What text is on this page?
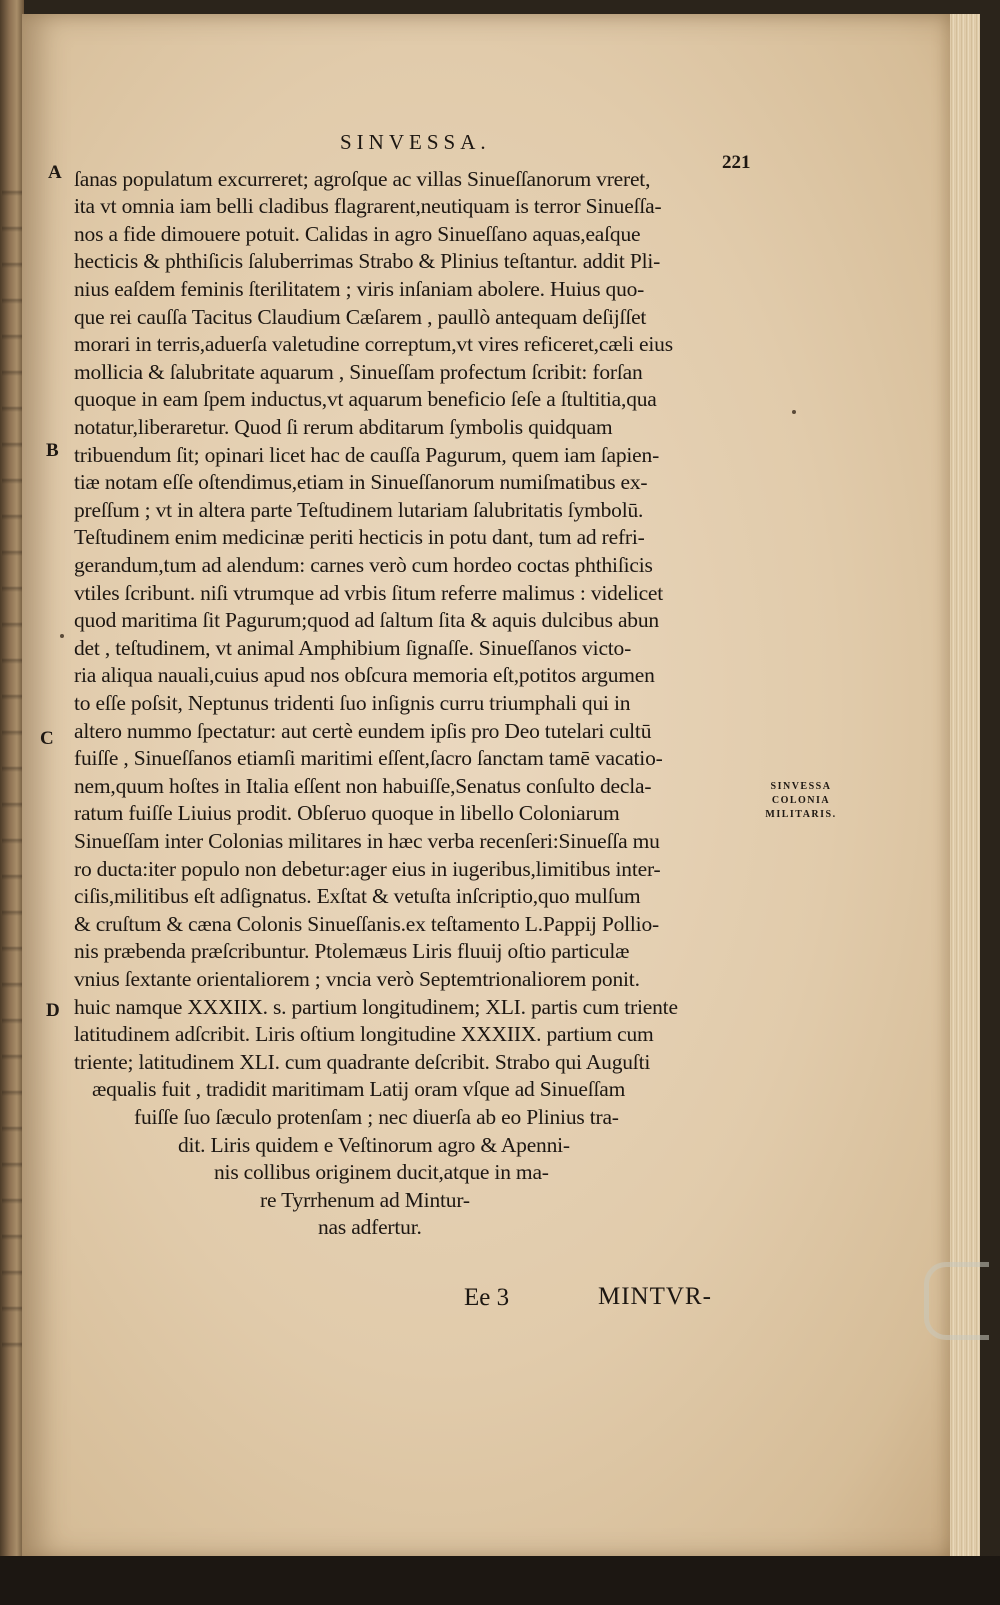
SINVESSA.
221
A
B
C
D
ſanas populatum excurreret; agroſque ac villas Sinueſſanorum vreret,
ita vt omnia iam belli cladibus flagrarent,neutiquam is terror Sinueſſa-
nos a fide dimouere potuit. Calidas in agro Sinueſſano aquas,eaſque
hecticis & phthiſicis ſaluberrimas Strabo & Plinius teſtantur. addit Pli-
nius eaſdem feminis ſterilitatem ; viris inſaniam abolere. Huius quo-
que rei cauſſa Tacitus Claudium Cæſarem , paullò antequam deſijſſet
morari in terris,aduerſa valetudine correptum,vt vires reficeret,cæli eius
mollicia & ſalubritate aquarum , Sinueſſam profectum ſcribit: forſan
quoque in eam ſpem inductus,vt aquarum beneficio ſeſe a ſtultitia,qua
notatur,liberaretur. Quod ſi rerum abditarum ſymbolis quidquam
tribuendum ſit; opinari licet hac de cauſſa Pagurum, quem iam ſapien-
tiæ notam eſſe oſtendimus,etiam in Sinueſſanorum numiſmatibus ex-
preſſum ; vt in altera parte Teſtudinem lutariam ſalubritatis ſymbolū.
Teſtudinem enim medicinæ periti hecticis in potu dant, tum ad refri-
gerandum,tum ad alendum: carnes verò cum hordeo coctas phthiſicis
vtiles ſcribunt. niſi vtrumque ad vrbis ſitum referre malimus : videlicet
quod maritima ſit Pagurum;quod ad ſaltum ſita & aquis dulcibus abun
det , teſtudinem, vt animal Amphibium ſignaſſe. Sinueſſanos victo-
ria aliqua nauali,cuius apud nos obſcura memoria eſt,potitos argumen
to eſſe poſsit, Neptunus tridenti ſuo inſignis curru triumphali qui in
altero nummo ſpectatur: aut certè eundem ipſis pro Deo tutelari cultū
fuiſſe , Sinueſſanos etiamſi maritimi eſſent,ſacro ſanctam tamē vacatio-
nem,quum hoſtes in Italia eſſent non habuiſſe,Senatus conſulto decla-
ratum fuiſſe Liuius prodit. Obſeruo quoque in libello Coloniarum
Sinueſſam inter Colonias militares in hæc verba recenſeri:Sinueſſa mu
ro ducta:iter populo non debetur:ager eius in iugeribus,limitibus inter-
ciſis,militibus eſt adſignatus. Exſtat & vetuſta inſcriptio,quo mulſum
& cruſtum & cæna Colonis Sinueſſanis.ex teſtamento L.Pappij Pollio-
nis præbenda præſcribuntur. Ptolemæus Liris fluuij oſtio particulæ
vnius ſextante orientaliorem ; vncia verò Septemtrionaliorem ponit.
huic namque XXXIIX. s. partium longitudinem; XLI. partis cum triente
latitudinem adſcribit. Liris oſtium longitudine XXXIIX. partium cum
triente; latitudinem XLI. cum quadrante deſcribit. Strabo qui Auguſti
æqualis fuit , tradidit maritimam Latij oram vſque ad Sinueſſam
fuiſſe ſuo ſæculo protenſam ; nec diuerſa ab eo Plinius tra-
dit. Liris quidem e Veſtinorum agro & Apenni-
nis collibus originem ducit,atque in ma-
re Tyrrhenum ad Mintur-
nas adfertur.
SINVESSA
COLONIA
MILITARIS.
Ee 3	MINTVR-
